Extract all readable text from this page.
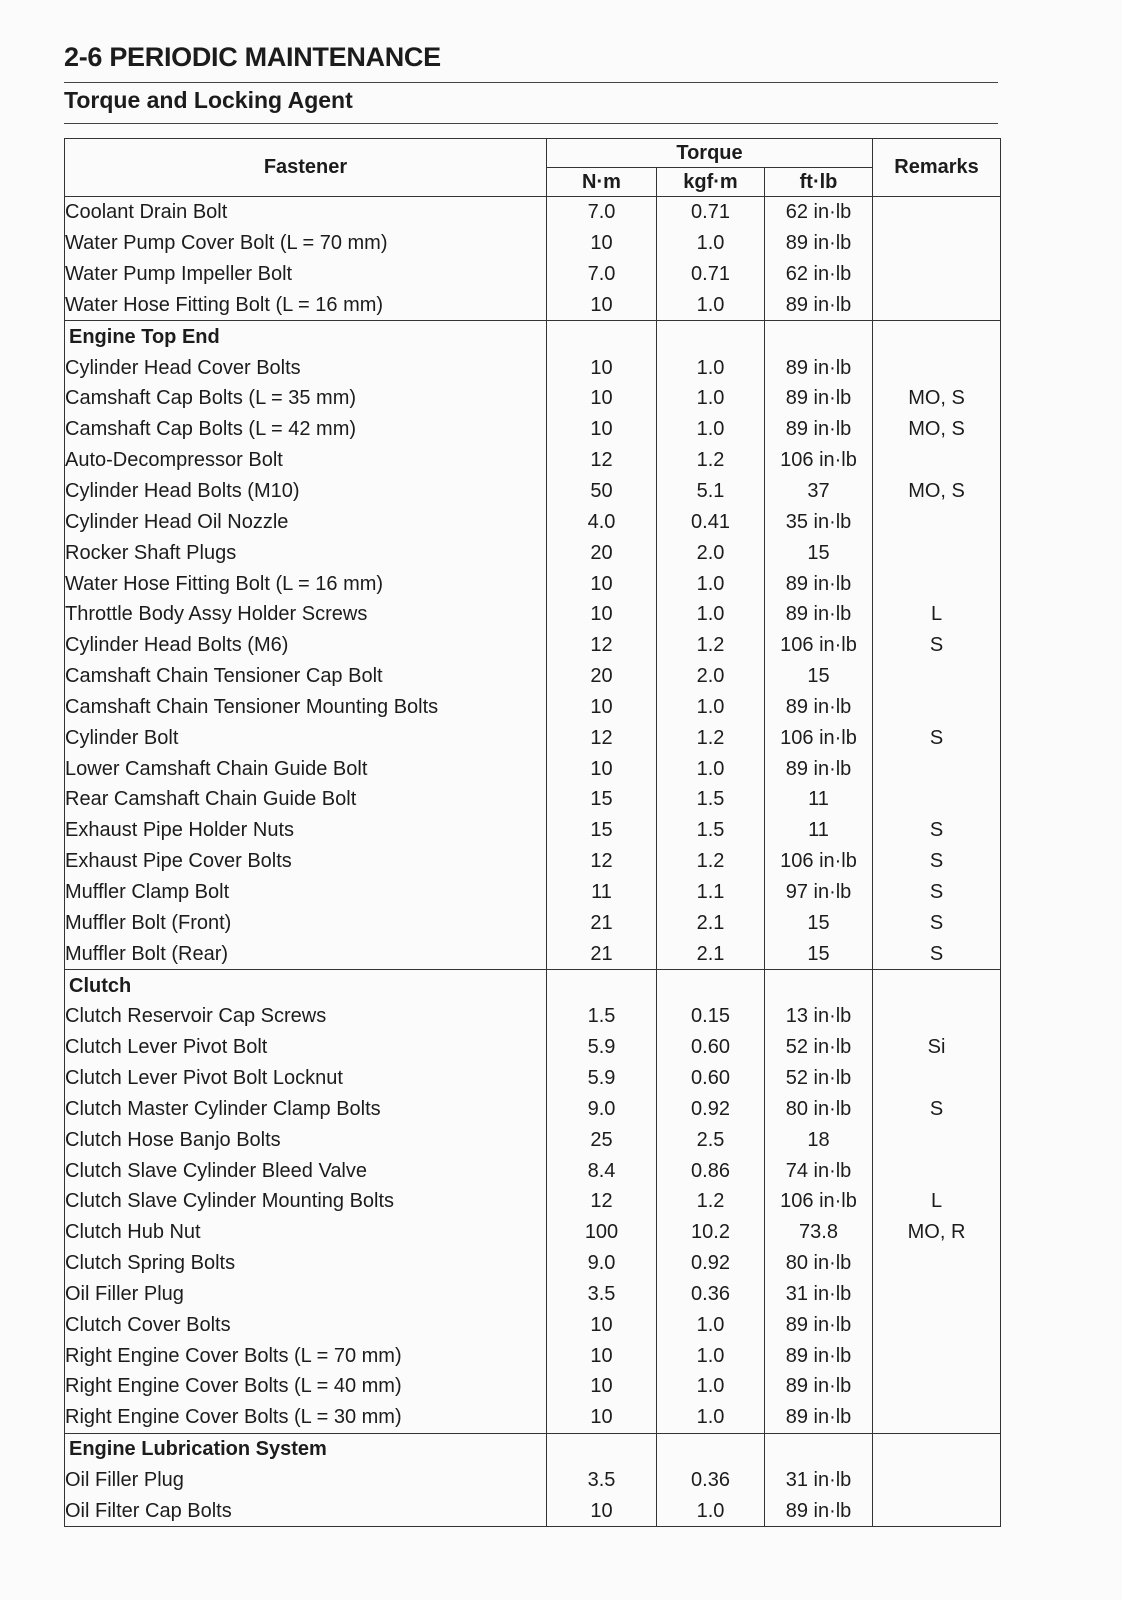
2-6 PERIODIC MAINTENANCE
Torque and Locking Agent
Fastener	Torque			Remarks
	N·m	kgf·m	ft·lb	
Coolant Drain Bolt	7.0	0.71	62 in·lb	
Water Pump Cover Bolt (L = 70 mm)	10	1.0	89 in·lb	
Water Pump Impeller Bolt	7.0	0.71	62 in·lb	
Water Hose Fitting Bolt (L = 16 mm)	10	1.0	89 in·lb	
Engine Top End				
Cylinder Head Cover Bolts	10	1.0	89 in·lb	
Camshaft Cap Bolts (L = 35 mm)	10	1.0	89 in·lb	MO, S
Camshaft Cap Bolts (L = 42 mm)	10	1.0	89 in·lb	MO, S
Auto-Decompressor Bolt	12	1.2	106 in·lb	
Cylinder Head Bolts (M10)	50	5.1	37	MO, S
Cylinder Head Oil Nozzle	4.0	0.41	35 in·lb	
Rocker Shaft Plugs	20	2.0	15	
Water Hose Fitting Bolt (L = 16 mm)	10	1.0	89 in·lb	
Throttle Body Assy Holder Screws	10	1.0	89 in·lb	L
Cylinder Head Bolts (M6)	12	1.2	106 in·lb	S
Camshaft Chain Tensioner Cap Bolt	20	2.0	15	
Camshaft Chain Tensioner Mounting Bolts	10	1.0	89 in·lb	
Cylinder Bolt	12	1.2	106 in·lb	S
Lower Camshaft Chain Guide Bolt	10	1.0	89 in·lb	
Rear Camshaft Chain Guide Bolt	15	1.5	11	
Exhaust Pipe Holder Nuts	15	1.5	11	S
Exhaust Pipe Cover Bolts	12	1.2	106 in·lb	S
Muffler Clamp Bolt	11	1.1	97 in·lb	S
Muffler Bolt (Front)	21	2.1	15	S
Muffler Bolt (Rear)	21	2.1	15	S
Clutch				
Clutch Reservoir Cap Screws	1.5	0.15	13 in·lb	
Clutch Lever Pivot Bolt	5.9	0.60	52 in·lb	Si
Clutch Lever Pivot Bolt Locknut	5.9	0.60	52 in·lb	
Clutch Master Cylinder Clamp Bolts	9.0	0.92	80 in·lb	S
Clutch Hose Banjo Bolts	25	2.5	18	
Clutch Slave Cylinder Bleed Valve	8.4	0.86	74 in·lb	
Clutch Slave Cylinder Mounting Bolts	12	1.2	106 in·lb	L
Clutch Hub Nut	100	10.2	73.8	MO, R
Clutch Spring Bolts	9.0	0.92	80 in·lb	
Oil Filler Plug	3.5	0.36	31 in·lb	
Clutch Cover Bolts	10	1.0	89 in·lb	
Right Engine Cover Bolts (L = 70 mm)	10	1.0	89 in·lb	
Right Engine Cover Bolts (L = 40 mm)	10	1.0	89 in·lb	
Right Engine Cover Bolts (L = 30 mm)	10	1.0	89 in·lb	
Engine Lubrication System				
Oil Filler Plug	3.5	0.36	31 in·lb	
Oil Filter Cap Bolts	10	1.0	89 in·lb	
